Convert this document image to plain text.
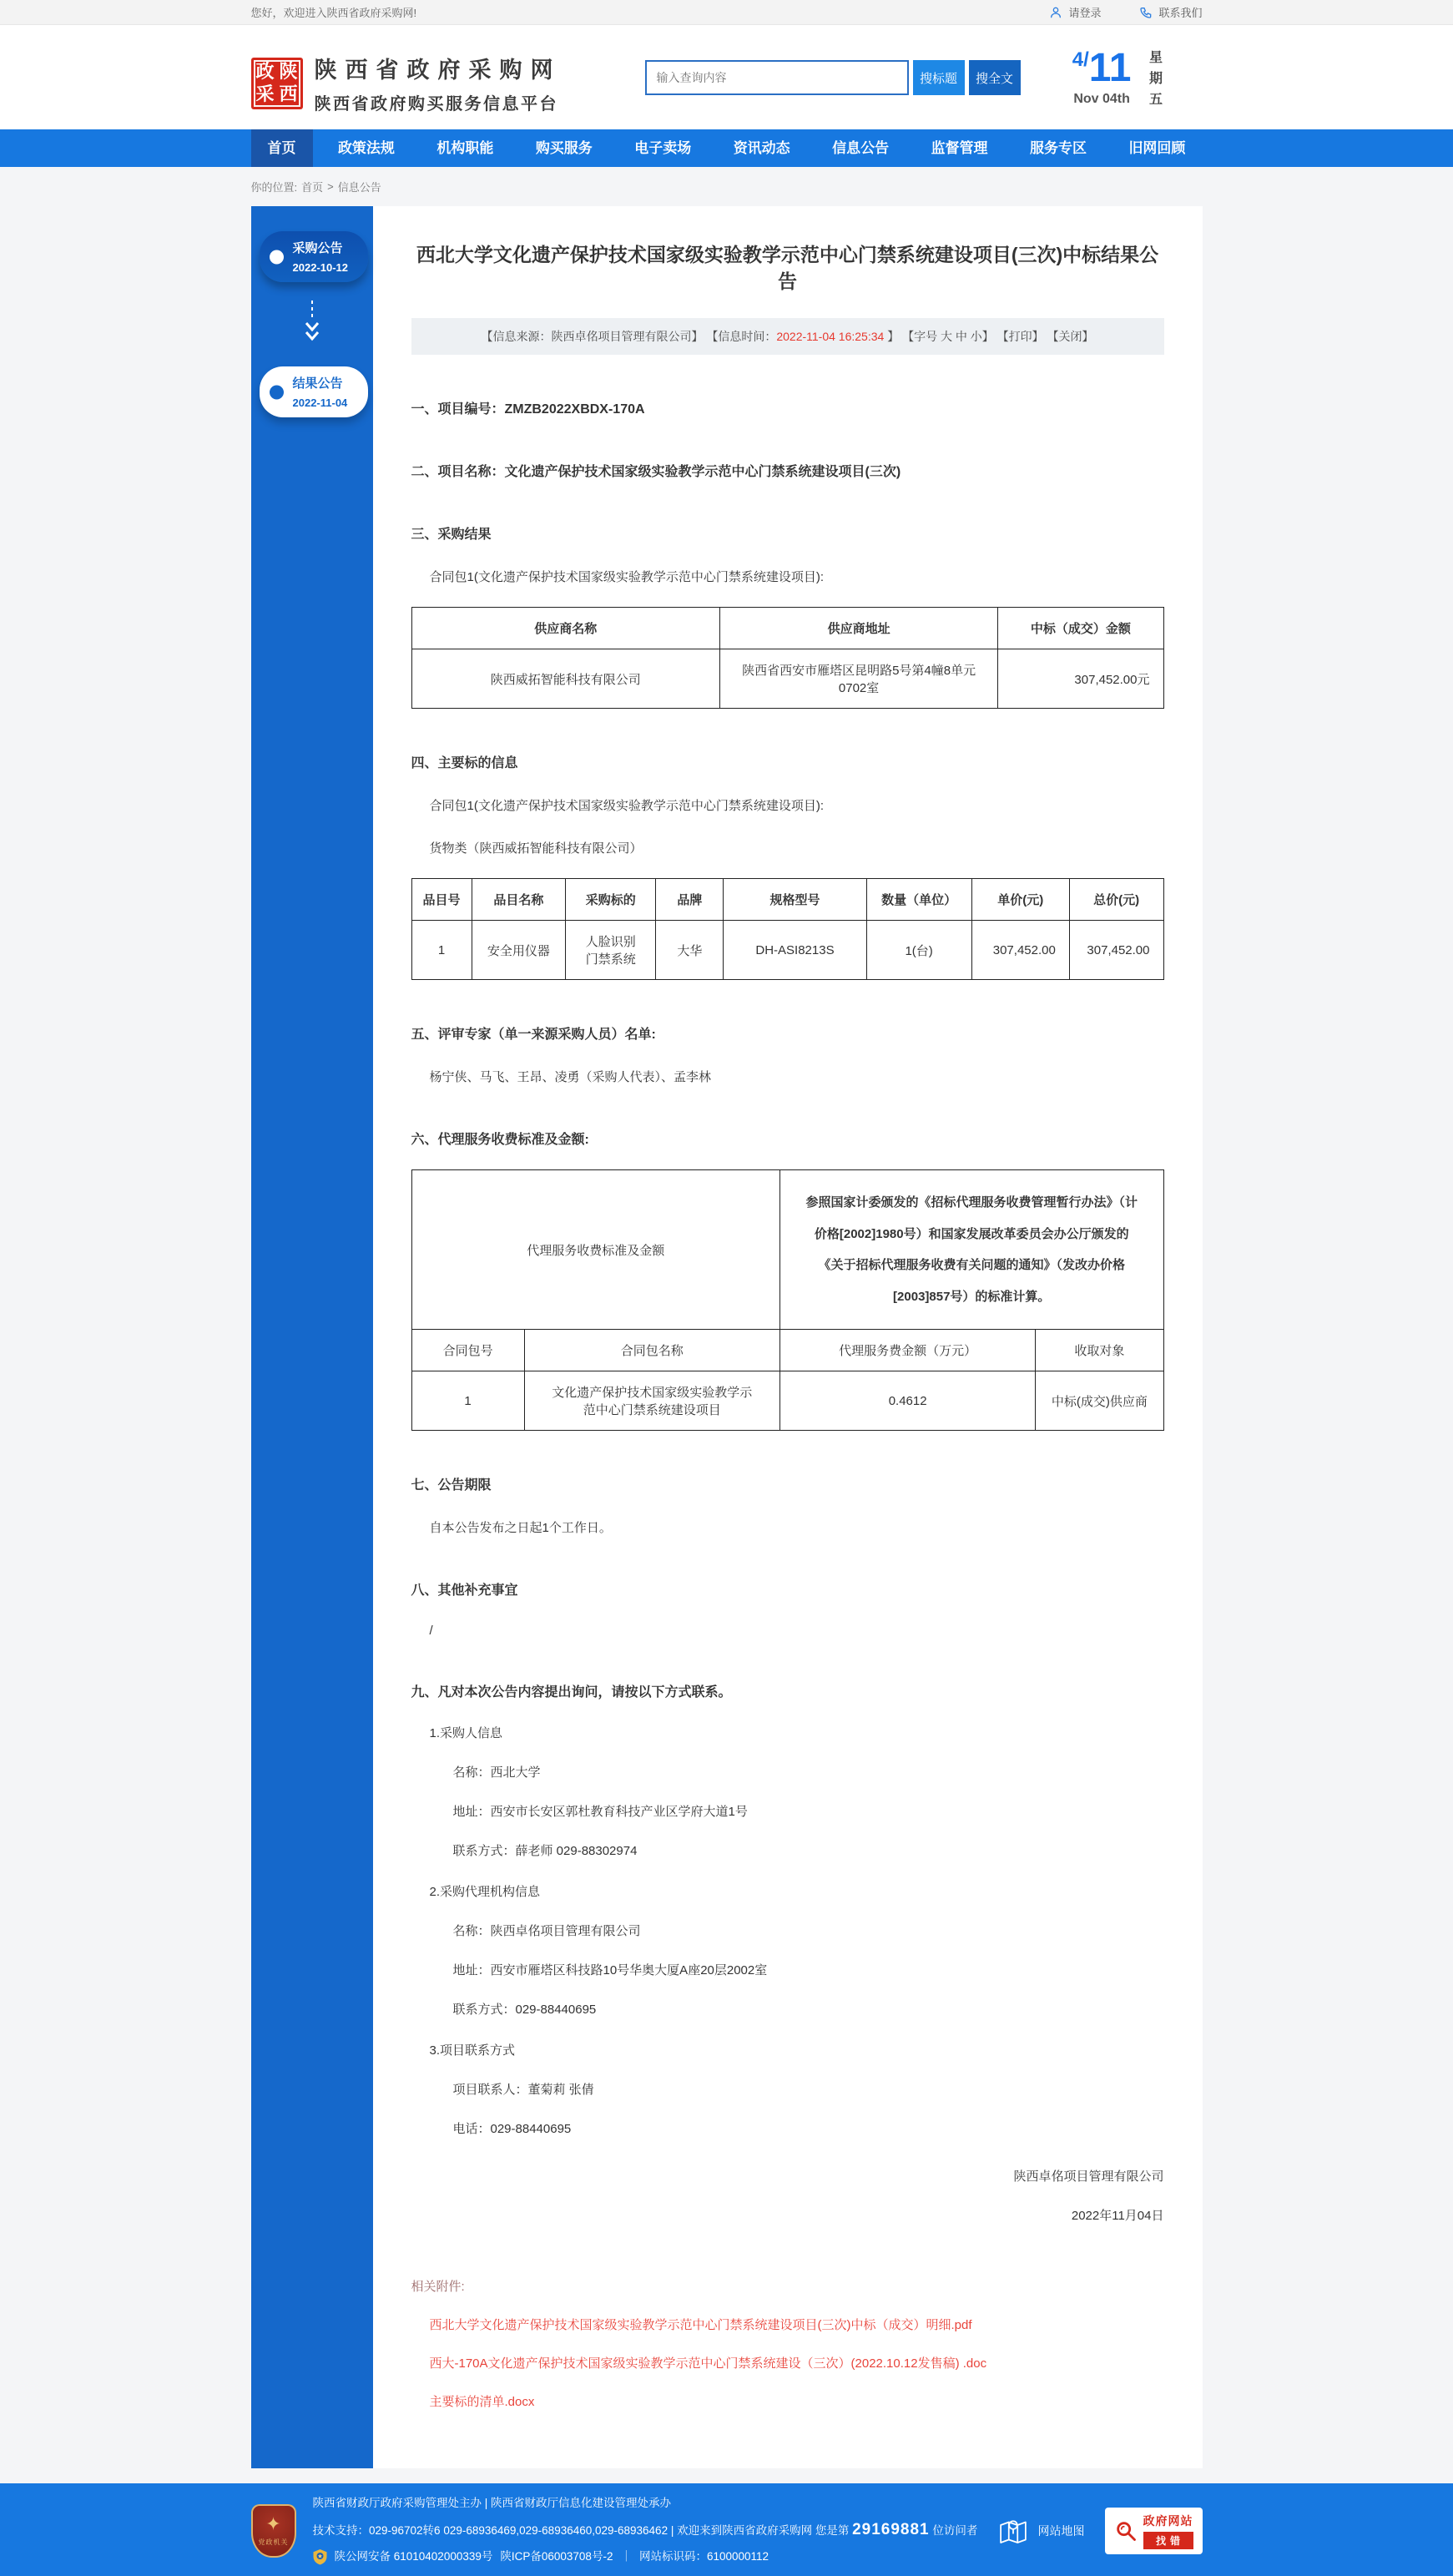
您好，欢迎进入陕西省政府采购网!	请登录	联系我们
政陕
采西
陕西省政府采购网
陕西省政府购买服务信息平台
输入查询内容
搜标题	搜全文
4/11
Nov 04th 星期五
首页	政策法规	机构职能	购买服务	电子卖场	资讯动态	信息公告	监督管理	服务专区	旧网回顾
你的位置: 首页 > 信息公告
采购公告
2022-10-12
结果公告
2022-11-04
西北大学文化遗产保护技术国家级实验教学示范中心门禁系统建设项目(三次)中标结果公告
【信息来源：陕西卓佲项目管理有限公司】 【信息时间：2022-11-04 16:25:34 】 【字号 大 中 小】 【打印】 【关闭】
一、项目编号：ZMZB2022XBDX-170A
二、项目名称：文化遗产保护技术国家级实验教学示范中心门禁系统建设项目(三次)
三、采购结果
合同包1(文化遗产保护技术国家级实验教学示范中心门禁系统建设项目):
供应商名称	供应商地址	中标（成交）金额
陕西威拓智能科技有限公司	陕西省西安市雁塔区昆明路5号第4幢8单元0702室	307,452.00元
四、主要标的信息
合同包1(文化遗产保护技术国家级实验教学示范中心门禁系统建设项目):
货物类（陕西威拓智能科技有限公司）
品目号	品目名称	采购标的	品牌	规格型号	数量（单位）	单价(元)	总价(元)
1	安全用仪器	人脸识别门禁系统	大华	DH-ASI8213S	1(台)	307,452.00	307,452.00
五、评审专家（单一来源采购人员）名单:
杨宁侠、马飞、王昂、凌勇（采购人代表）、孟李林
六、代理服务收费标准及金额:
代理服务收费标准及金额		参照国家计委颁发的《招标代理服务收费管理暂行办法》（计价格[2002]1980号）和国家发展改革委员会办公厅颁发的《关于招标代理服务收费有关问题的通知》（发改办价格[2003]857号）的标准计算。	
合同包号	合同包名称	代理服务费金额（万元）	收取对象
1	文化遗产保护技术国家级实验教学示范中心门禁系统建设项目	0.4612	中标(成交)供应商
七、公告期限
自本公告发布之日起1个工作日。
八、其他补充事宜
/
九、凡对本次公告内容提出询问，请按以下方式联系。
1.采购人信息
名称：西北大学
地址：西安市长安区郭杜教育科技产业区学府大道1号
联系方式：薛老师 029-88302974
2.采购代理机构信息
名称：陕西卓佲项目管理有限公司
地址：西安市雁塔区科技路10号华奥大厦A座20层2002室
联系方式：029-88440695
3.项目联系方式
项目联系人：董菊莉 张倩
电话：029-88440695
陕西卓佲项目管理有限公司
2022年11月04日
相关附件:
西北大学文化遗产保护技术国家级实验教学示范中心门禁系统建设项目(三次)中标（成交）明细.pdf
西大-170A文化遗产保护技术国家级实验教学示范中心门禁系统建设（三次）(2022.10.12发售稿) .doc
主要标的清单.docx
✦
党政机关
陕西省财政厅政府采购管理处主办 | 陕西省财政厅信息化建设管理处承办
技术支持：029-96702转6 029-68936469,029-68936460,029-68936462 | 欢迎来到陕西省政府采购网 您是第 29169881 位访问者
陕公网安备 61010402000339号 陕ICP备06003708号-2 ｜ 网站标识码：6100000112
网站地图
政府网站
找错
